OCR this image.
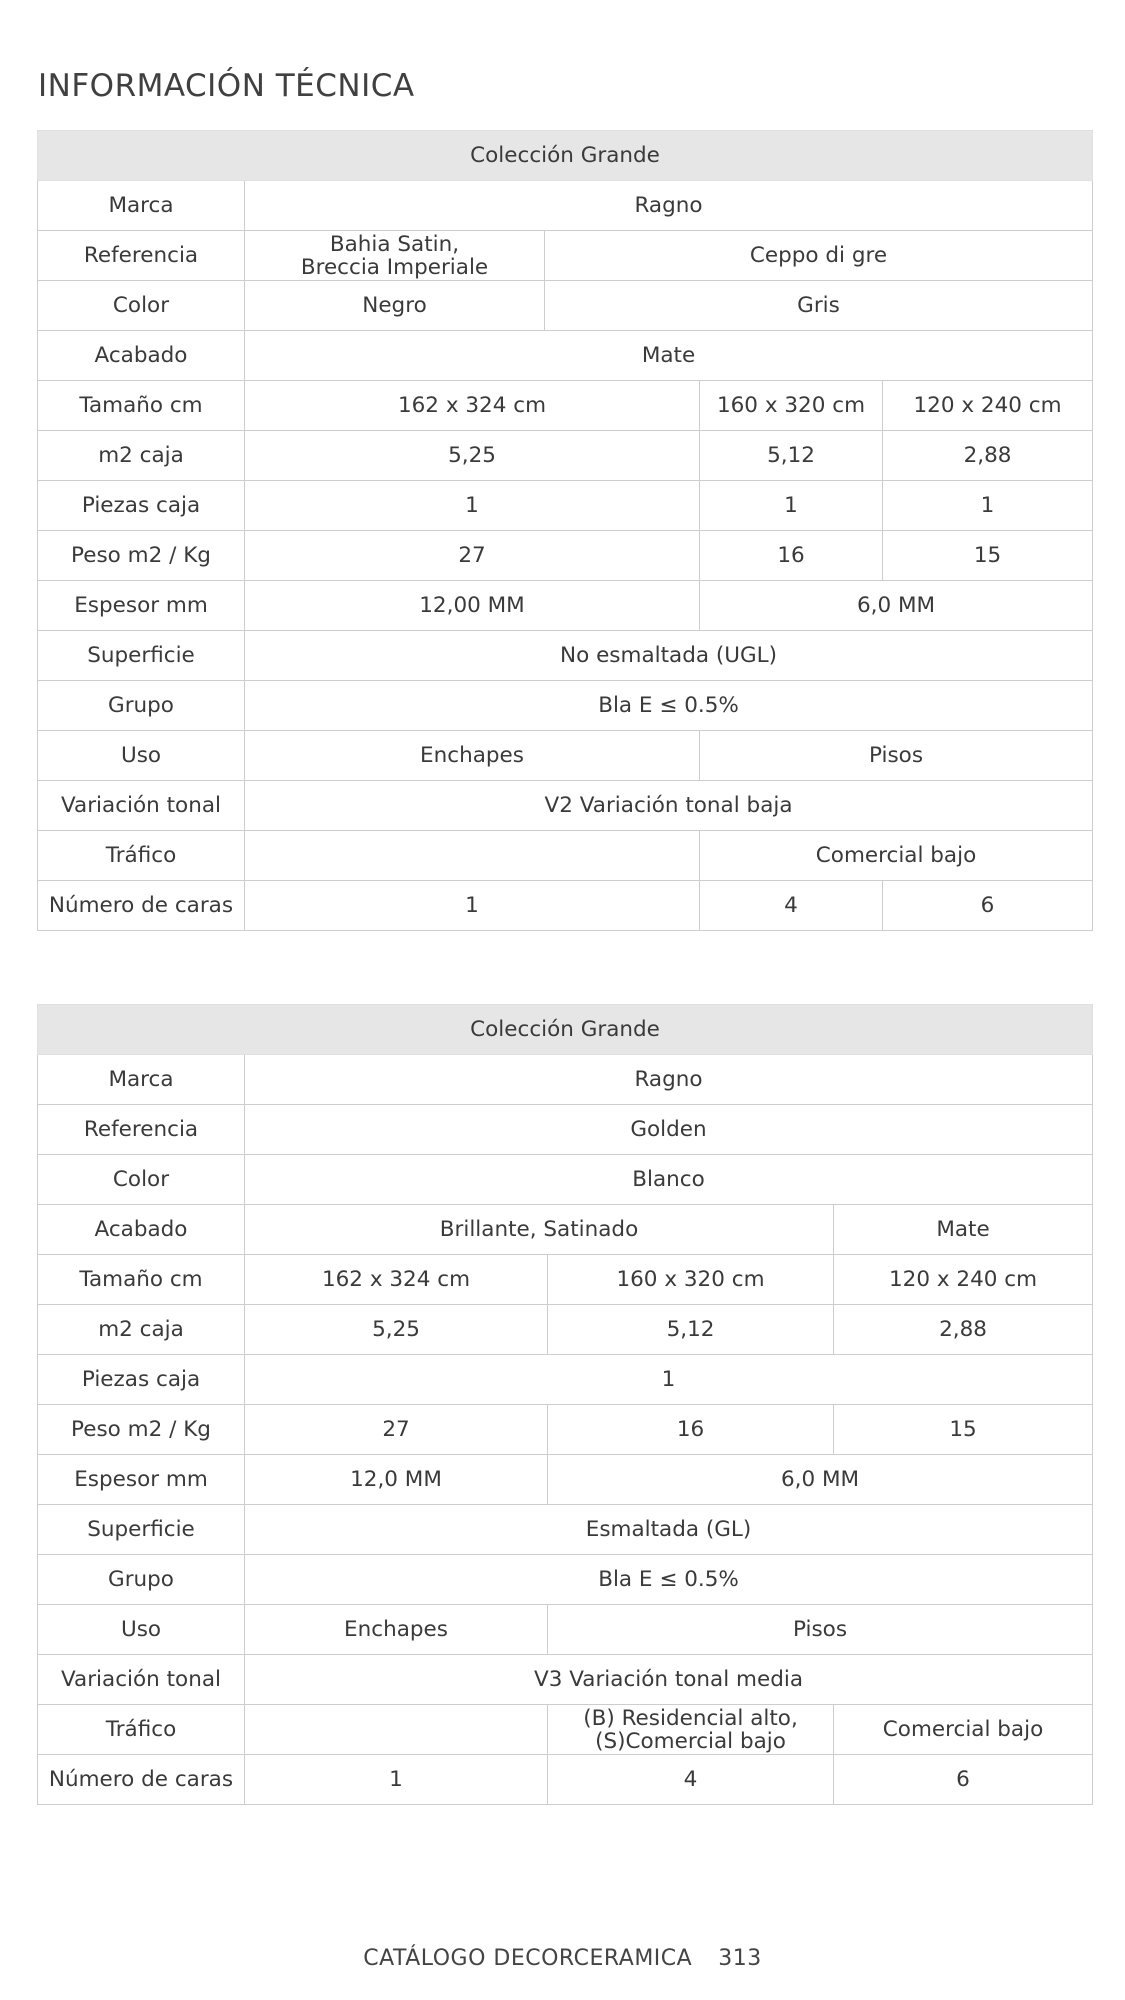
INFORMACIÓN TÉCNICA
Colección Grande				
Marca	Ragno			
Referencia	Bahia Satin,
Breccia Imperiale	Ceppo di gre		
Color	Negro	Gris		
Acabado	Mate			
Tamaño cm	162 x 324 cm		160 x 320 cm	120 x 240 cm
m2 caja	5,25		5,12	2,88
Piezas caja	1		1	1
Peso m2 / Kg	27		16	15
Espesor mm	12,00 MM		6,0 MM	
Superficie	No esmaltada (UGL)			
Grupo	Bla E ≤ 0.5%			
Uso	Enchapes		Pisos	
Variación tonal	V2 Variación tonal baja			
Tráfico			Comercial bajo	
Número de caras	1		4	6
Colección Grande			
Marca	Ragno		
Referencia	Golden		
Color	Blanco		
Acabado	Brillante, Satinado		Mate
Tamaño cm	162 x 324 cm	160 x 320 cm	120 x 240 cm
m2 caja	5,25	5,12	2,88
Piezas caja	1		
Peso m2 / Kg	27	16	15
Espesor mm	12,0 MM	6,0 MM	
Superficie	Esmaltada (GL)		
Grupo	Bla E ≤ 0.5%		
Uso	Enchapes	Pisos	
Variación tonal	V3 Variación tonal media		
Tráfico		(B) Residencial alto,
(S)Comercial bajo	Comercial bajo
Número de caras	1	4	6
CATÁLOGO DECORCERAMICA 313
